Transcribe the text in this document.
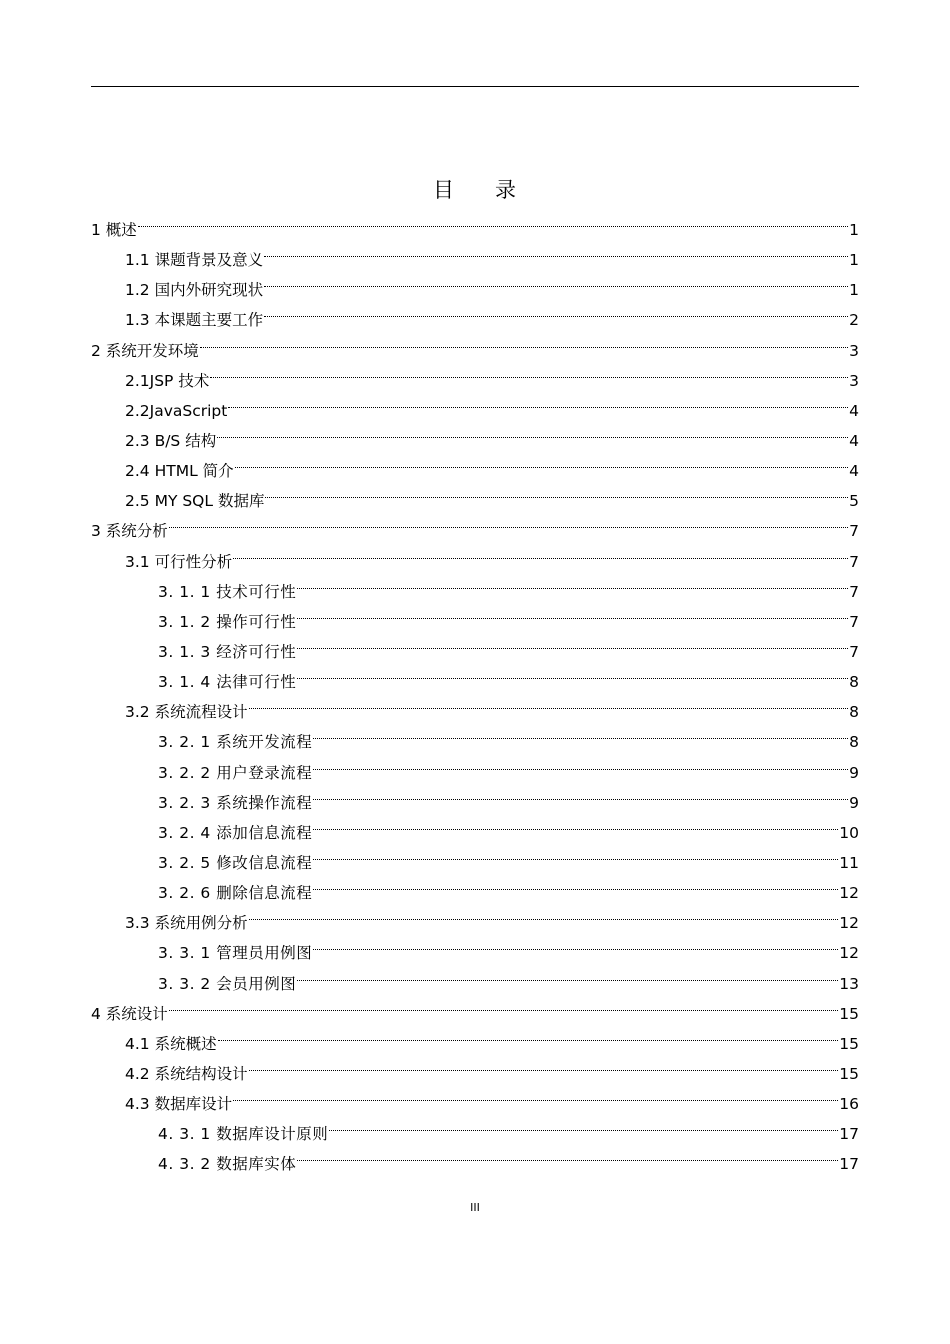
目 录
1 概述	1
1.1 课题背景及意义	1
1.2 国内外研究现状	1
1.3 本课题主要工作	2
2 系统开发环境	3
2.1JSP 技术	3
2.2JavaScript	4
2.3 B/S 结构	4
2.4 HTML 简介	4
2.5 MY SQL 数据库	5
3 系统分析	7
3.1 可行性分析	7
3. 1. 1 技术可行性	7
3. 1. 2 操作可行性	7
3. 1. 3 经济可行性	7
3. 1. 4 法律可行性	8
3.2 系统流程设计	8
3. 2. 1 系统开发流程	8
3. 2. 2 用户登录流程	9
3. 2. 3 系统操作流程	9
3. 2. 4 添加信息流程	10
3. 2. 5 修改信息流程	11
3. 2. 6 删除信息流程	12
3.3 系统用例分析	12
3. 3. 1 管理员用例图	12
3. 3. 2 会员用例图	13
4 系统设计	15
4.1 系统概述	15
4.2 系统结构设计	15
4.3 数据库设计	16
4. 3. 1 数据库设计原则	17
4. 3. 2 数据库实体	17
III
